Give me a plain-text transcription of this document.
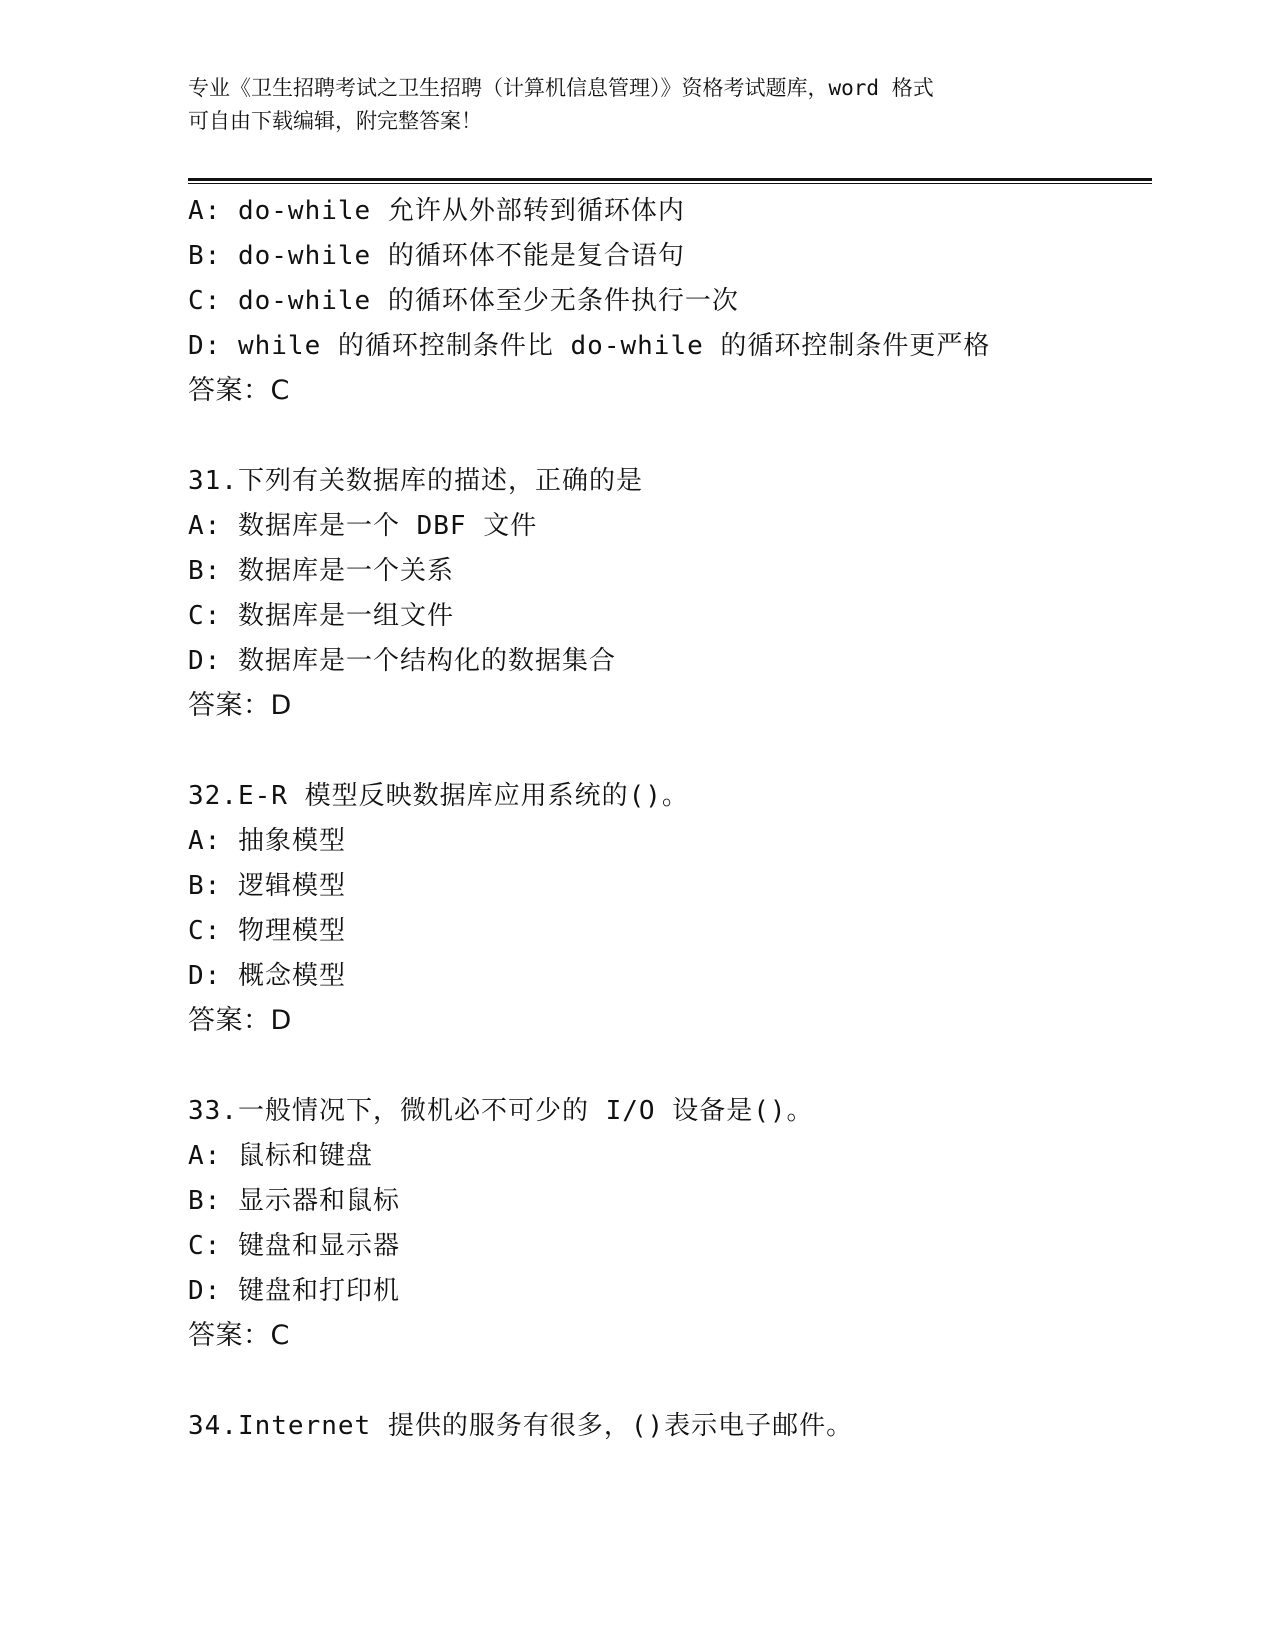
专业《卫生招聘考试之卫生招聘（计算机信息管理）》资格考试题库，word 格式
可自由下载编辑，附完整答案！
A: do-while 允许从外部转到循环体内
B: do-while 的循环体不能是复合语句
C: do-while 的循环体至少无条件执行一次
D: while 的循环控制条件比 do-while 的循环控制条件更严格
答案：C
31.下列有关数据库的描述，正确的是
A: 数据库是一个 DBF 文件
B: 数据库是一个关系
C: 数据库是一组文件
D: 数据库是一个结构化的数据集合
答案：D
32.E-R 模型反映数据库应用系统的()。
A: 抽象模型
B: 逻辑模型
C: 物理模型
D: 概念模型
答案：D
33.一般情况下，微机必不可少的 I/O 设备是()。
A: 鼠标和键盘
B: 显示器和鼠标
C: 键盘和显示器
D: 键盘和打印机
答案：C
34.Internet 提供的服务有很多，()表示电子邮件。
